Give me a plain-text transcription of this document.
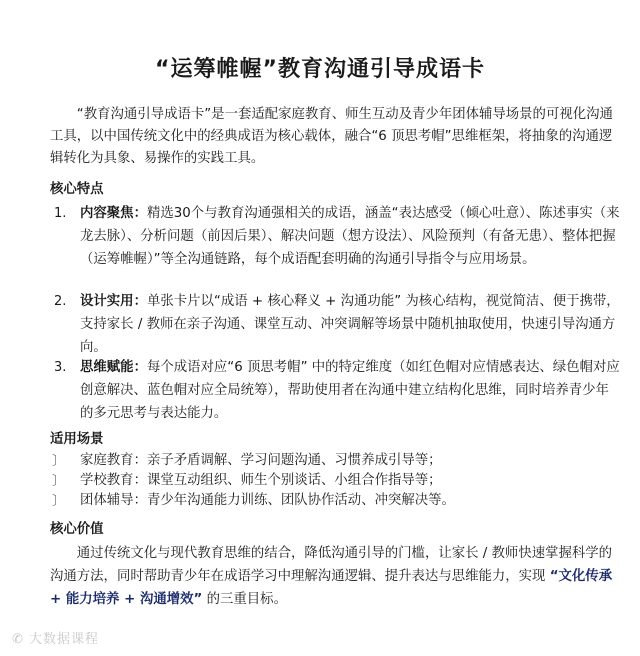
“运筹帷幄”教育沟通引导成语卡
“教育沟通引导成语卡”是一套适配家庭教育、师生互动及青少年团体辅导场景的可视化沟通工具，以中国传统文化中的经典成语为核心载体，融合“6 顶思考帽”思维框架，将抽象的沟通逻辑转化为具象、易操作的实践工具。
核心特点
1. 内容聚焦：精选30个与教育沟通强相关的成语，涵盖“表达感受（倾心吐意）、陈述事实（来龙去脉）、分析问题（前因后果）、解决问题（想方设法）、风险预判（有备无患）、整体把握（运筹帷幄）”等全沟通链路，每个成语配套明确的沟通引导指令与应用场景。
2. 设计实用：单张卡片以“成语 + 核心释义 + 沟通功能” 为核心结构，视觉简洁、便于携带，支持家长 / 教师在亲子沟通、课堂互动、冲突调解等场景中随机抽取使用，快速引导沟通方向。
3. 思维赋能：每个成语对应“6 顶思考帽” 中的特定维度（如红色帽对应情感表达、绿色帽对应创意解决、蓝色帽对应全局统筹），帮助使用者在沟通中建立结构化思维，同时培养青少年的多元思考与表达能力。
适用场景
〕 家庭教育：亲子矛盾调解、学习问题沟通、习惯养成引导等；
〕 学校教育：课堂互动组织、师生个别谈话、小组合作指导等；
〕 团体辅导：青少年沟通能力训练、团队协作活动、冲突解决等。
核心价值
通过传统文化与现代教育思维的结合，降低沟通引导的门槛，让家长 / 教师快速掌握科学的沟通方法，同时帮助青少年在成语学习中理解沟通逻辑、提升表达与思维能力，实现 “文化传承 + 能力培养 + 沟通增效” 的三重目标。
✆ 大数据课程
